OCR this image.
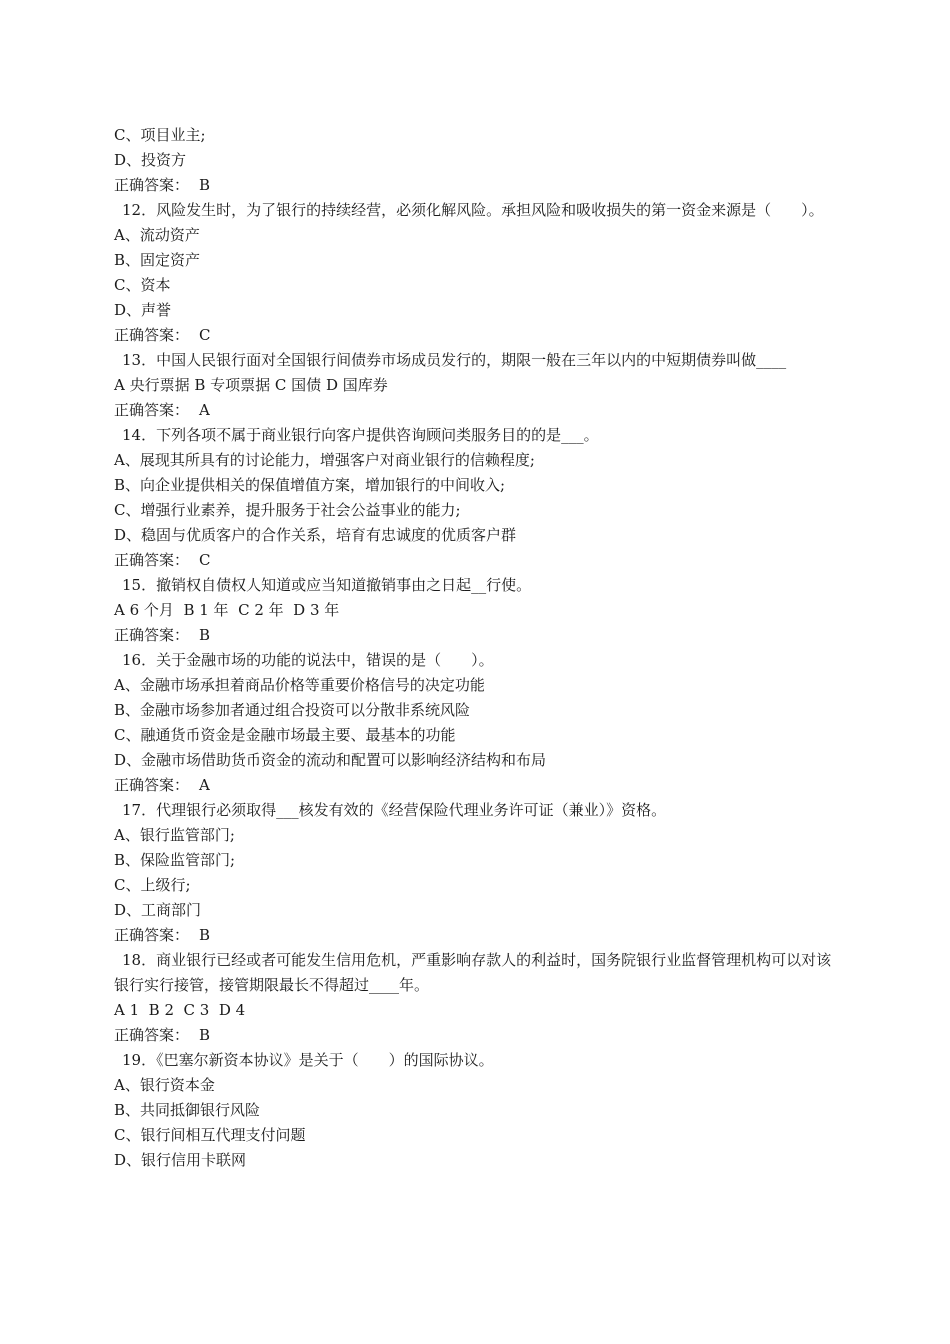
C、项目业主;
D、投资方
正确答案： B
12．风险发生时，为了银行的持续经营，必须化解风险。承担风险和吸收损失的第一资金来源是（　　）。
A、流动资产
B、固定资产
C、资本
D、声誉
正确答案： C
13．中国人民银行面对全国银行间债券市场成员发行的，期限一般在三年以内的中短期债券叫做____
A 央行票据 B 专项票据 C 国债 D 国库券
正确答案： A
14．下列各项不属于商业银行向客户提供咨询顾问类服务目的的是___。
A、展现其所具有的讨论能力，增强客户对商业银行的信赖程度;
B、向企业提供相关的保值增值方案，增加银行的中间收入;
C、增强行业素养，提升服务于社会公益事业的能力;
D、稳固与优质客户的合作关系，培育有忠诚度的优质客户群
正确答案： C
15．撤销权自债权人知道或应当知道撤销事由之日起__行使。
A 6 个月  B 1 年  C 2 年  D 3 年
正确答案： B
16．关于金融市场的功能的说法中，错误的是（　　）。
A、金融市场承担着商品价格等重要价格信号的决定功能
B、金融市场参加者通过组合投资可以分散非系统风险
C、融通货币资金是金融市场最主要、最基本的功能
D、金融市场借助货币资金的流动和配置可以影响经济结构和布局
正确答案： A
17．代理银行必须取得___核发有效的《经营保险代理业务许可证（兼业）》资格。
A、银行监管部门;
B、保险监管部门;
C、上级行;
D、工商部门
正确答案： B
18．商业银行已经或者可能发生信用危机，严重影响存款人的利益时，国务院银行业监督管理机构可以对该银行实行接管，接管期限最长不得超过____年。
A 1  B 2  C 3  D 4
正确答案： B
19．《巴塞尔新资本协议》是关于（　　）的国际协议。
A、银行资本金
B、共同抵御银行风险
C、银行间相互代理支付问题
D、银行信用卡联网
